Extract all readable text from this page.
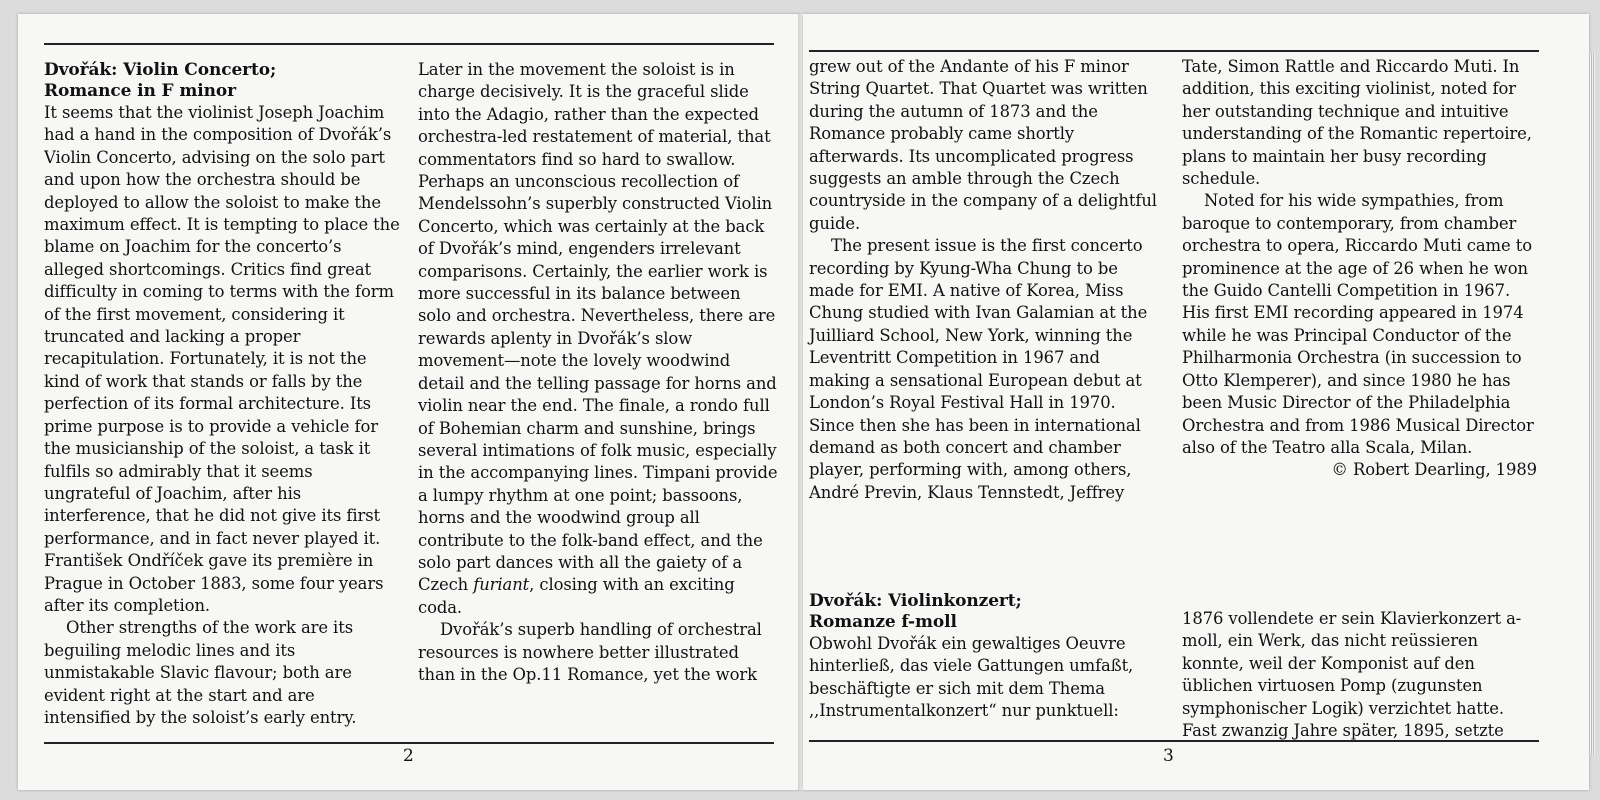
Dvořák: Violin Concerto;

Romance in F minor

It seems that the violinist Joseph Joachim had a hand in the composition of Dvořák’s Violin Concerto, advising on the solo part and upon how the orchestra should be deployed to allow the soloist to make the maximum effect. It is tempting to place the blame on Joachim for the concerto’s alleged shortcomings. Critics find great difficulty in coming to terms with the form of the first movement, considering it truncated and lacking a proper recapitulation. Fortunately, it is not the kind of work that stands or falls by the perfection of its formal architecture. Its prime purpose is to provide a vehicle for the musicianship of the soloist, a task it fulfils so admirably that it seems ungrateful of Joachim, after his interference, that he did not give its first performance, and in fact never played it. František Ondříček gave its première in Prague in October 1883, some four years after its completion.

Other strengths of the work are its beguiling melodic lines and its unmistakable Slavic flavour; both are evident right at the start and are intensified by the soloist’s early entry.

Later in the movement the soloist is in charge decisively. It is the graceful slide into the Adagio, rather than the expected orchestra-led restatement of material, that commentators find so hard to swallow. Perhaps an unconscious recollection of Mendelssohn’s superbly constructed Violin Concerto, which was certainly at the back of Dvořák’s mind, engenders irrelevant comparisons. Certainly, the earlier work is more successful in its balance between solo and orchestra. Nevertheless, there are rewards aplenty in Dvořák’s slow movement—note the lovely woodwind detail and the telling passage for horns and violin near the end. The finale, a rondo full of Bohemian charm and sunshine, brings several intimations of folk music, especially in the accompanying lines. Timpani provide a lumpy rhythm at one point; bassoons, horns and the woodwind group all contribute to the folk-band effect, and the solo part dances with all the gaiety of a Czech furiant, closing with an exciting coda.

Dvořák’s superb handling of orchestral resources is nowhere better illustrated than in the Op.11 Romance, yet the work

2

grew out of the Andante of his F minor String Quartet. That Quartet was written during the autumn of 1873 and the Romance probably came shortly afterwards. Its uncomplicated progress suggests an amble through the Czech countryside in the company of a delightful guide.

The present issue is the first concerto recording by Kyung-Wha Chung to be made for EMI. A native of Korea, Miss Chung studied with Ivan Galamian at the Juilliard School, New York, winning the Leventritt Competition in 1967 and making a sensational European debut at London’s Royal Festival Hall in 1970. Since then she has been in international demand as both concert and chamber player, performing with, among others, André Previn, Klaus Tennstedt, Jeffrey

Tate, Simon Rattle and Riccardo Muti. In addition, this exciting violinist, noted for her outstanding technique and intuitive understanding of the Romantic repertoire, plans to maintain her busy recording schedule.

Noted for his wide sympathies, from baroque to contemporary, from chamber orchestra to opera, Riccardo Muti came to prominence at the age of 26 when he won the Guido Cantelli Competition in 1967. His first EMI recording appeared in 1974 while he was Principal Conductor of the Philharmonia Orchestra (in succession to Otto Klemperer), and since 1980 he has been Music Director of the Philadelphia Orchestra and from 1986 Musical Director also of the Teatro alla Scala, Milan.

© Robert Dearling, 1989

Dvořák: Violinkonzert;

Romanze f-moll

Obwohl Dvořák ein gewaltiges Oeuvre hinterließ, das viele Gattungen umfaßt, beschäftigte er sich mit dem Thema ,,Instrumentalkonzert“ nur punktuell:

1876 vollendete er sein Klavierkonzert a-moll, ein Werk, das nicht reüssieren konnte, weil der Komponist auf den üblichen virtuosen Pomp (zugunsten symphonischer Logik) verzichtet hatte. Fast zwanzig Jahre später, 1895, setzte

3
